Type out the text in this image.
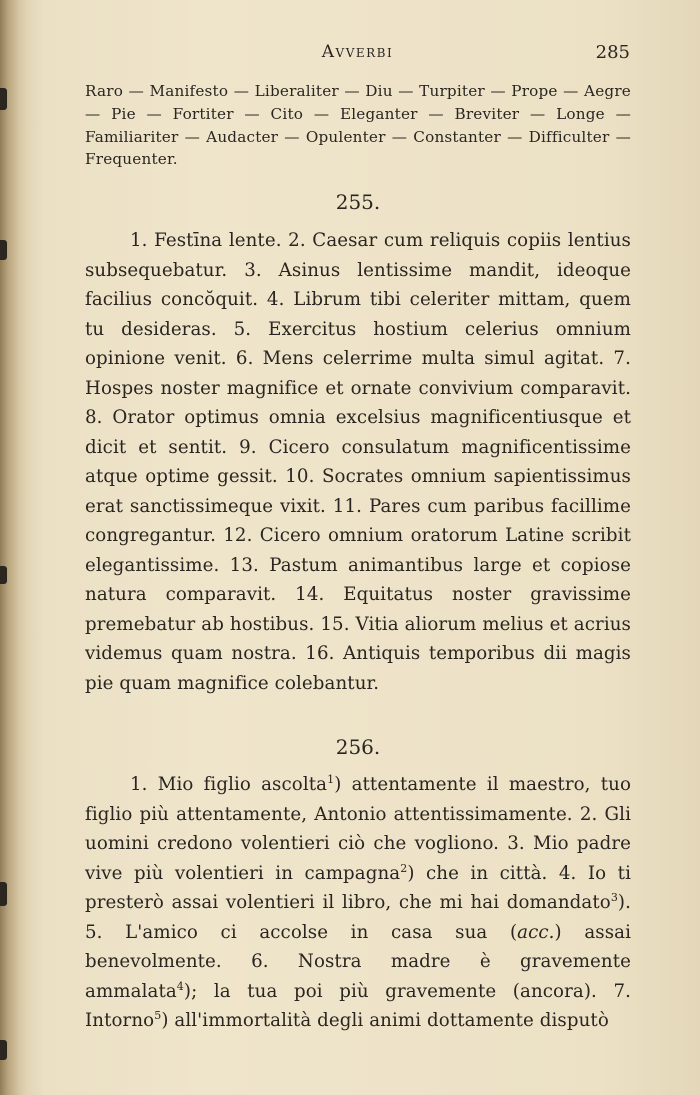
Avverbi	285
Raro — Manifesto — Liberaliter — Diu — Turpiter — Prope — Aegre — Pie — Fortiter — Cito — Eleganter — Breviter — Longe — Familiariter — Audacter — Opulenter — Constanter — Difficulter — Frequenter.
255.
1. Festīna lente. 2. Caesar cum reliquis copiis lentius subsequebatur. 3. Asinus lentissime mandit, ideoque facilius concŏquit. 4. Librum tibi celeriter mittam, quem tu desideras. 5. Exercitus hostium celerius omnium opinione venit. 6. Mens celerrime multa simul agitat. 7. Hospes noster magnifice et ornate convivium comparavit. 8. Orator optimus omnia excelsius magnificentiusque et dicit et sentit. 9. Cicero consulatum magnificentissime atque optime gessit. 10. Socrates omnium sapientissimus erat sanctissimeque vixit. 11. Pares cum paribus facillime congregantur. 12. Cicero omnium oratorum Latine scribit elegantissime. 13. Pastum animantibus large et copiose natura comparavit. 14. Equitatus noster gravissime premebatur ab hostibus. 15. Vitia aliorum melius et acrius videmus quam nostra. 16. Antiquis temporibus dii magis pie quam magnifice colebantur.
256.
1. Mio figlio ascolta$^1$) attentamente il maestro, tuo figlio più attentamente, Antonio attentissimamente. 2. Gli uomini credono volentieri ciò che vogliono. 3. Mio padre vive più volentieri in campagna$^2$) che in città. 4. Io ti presterò assai volentieri il libro, che mi hai domandato$^3$). 5. L'amico ci accolse in casa sua (acc.) assai benevolmente. 6. Nostra madre è gravemente ammalata$^4$); la tua poi più gravemente (ancora). 7. Intorno$^5$) all'immortalità degli animi dottamente disputò
